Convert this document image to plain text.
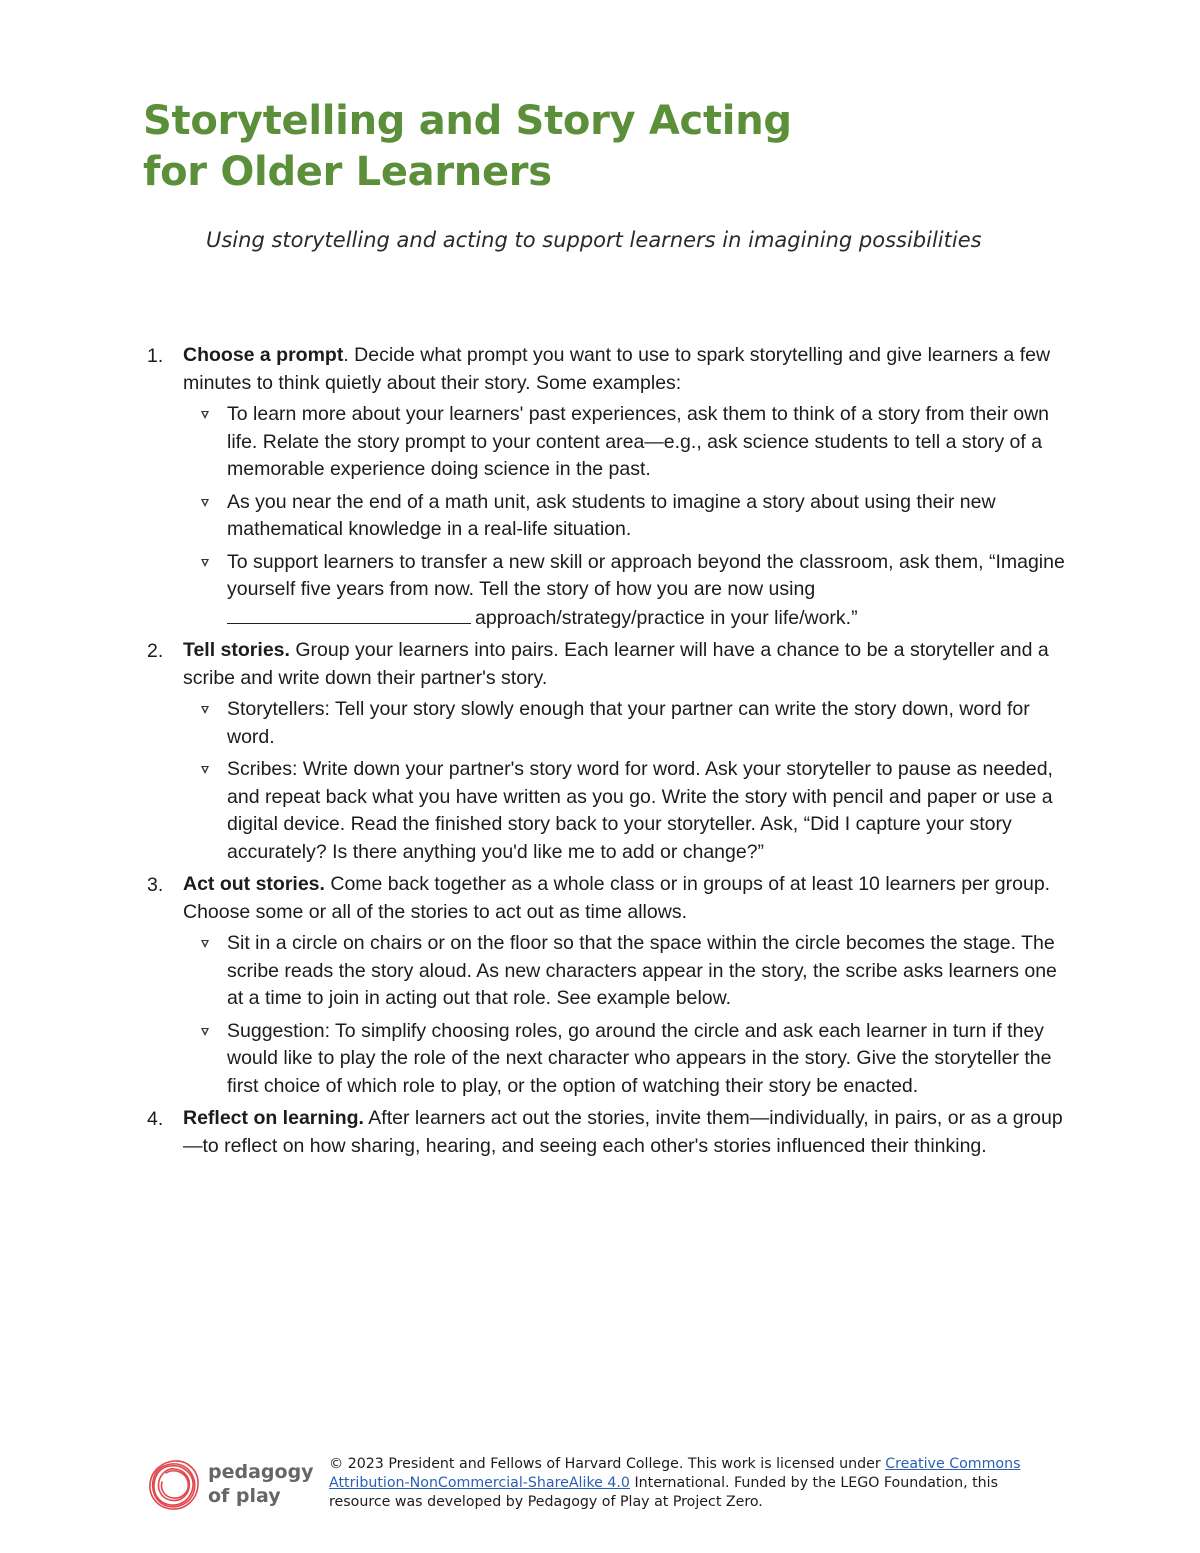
Storytelling and Story Acting
for Older Learners

Using storytelling and acting to support learners in imagining possibilities

1. Choose a prompt. Decide what prompt you want to use to spark storytelling and give learners a few minutes to think quietly about their story. Some examples:

To learn more about your learners' past experiences, ask them to think of a story from their own life. Relate the story prompt to your content area—e.g., ask science students to tell a story of a memorable experience doing science in the past.
As you near the end of a math unit, ask students to imagine a story about using their new mathematical knowledge in a real-life situation.
To support learners to transfer a new skill or approach beyond the classroom, ask them, “Imagine yourself five years from now. Tell the story of how you are now using
approach/strategy/practice in your life/work.”
2. Tell stories. Group your learners into pairs. Each learner will have a chance to be a storyteller and a scribe and write down their partner's story.

Storytellers: Tell your story slowly enough that your partner can write the story down, word for word.
Scribes: Write down your partner's story word for word. Ask your storyteller to pause as needed, and repeat back what you have written as you go. Write the story with pencil and paper or use a digital device. Read the finished story back to your storyteller. Ask, “Did I capture your story accurately? Is there anything you'd like me to add or change?”
3. Act out stories. Come back together as a whole class or in groups of at least 10 learners per group. Choose some or all of the stories to act out as time allows.

Sit in a circle on chairs or on the floor so that the space within the circle becomes the stage. The scribe reads the story aloud. As new characters appear in the story, the scribe asks learners one at a time to join in acting out that role. See example below.
Suggestion: To simplify choosing roles, go around the circle and ask each learner in turn if they would like to play the role of the next character who appears in the story. Give the storyteller the first choice of which role to play, or the option of watching their story be enacted.
4. Reflect on learning. After learners act out the stories, invite them—individually, in pairs, or as a group —to reflect on how sharing, hearing, and seeing each other's stories influenced their thinking.

pedagogy
of play

© 2023 President and Fellows of Harvard College. This work is licensed under Creative Commons Attribution-NonCommercial-ShareAlike 4.0 International. Funded by the LEGO Foundation, this resource was developed by Pedagogy of Play at Project Zero.
